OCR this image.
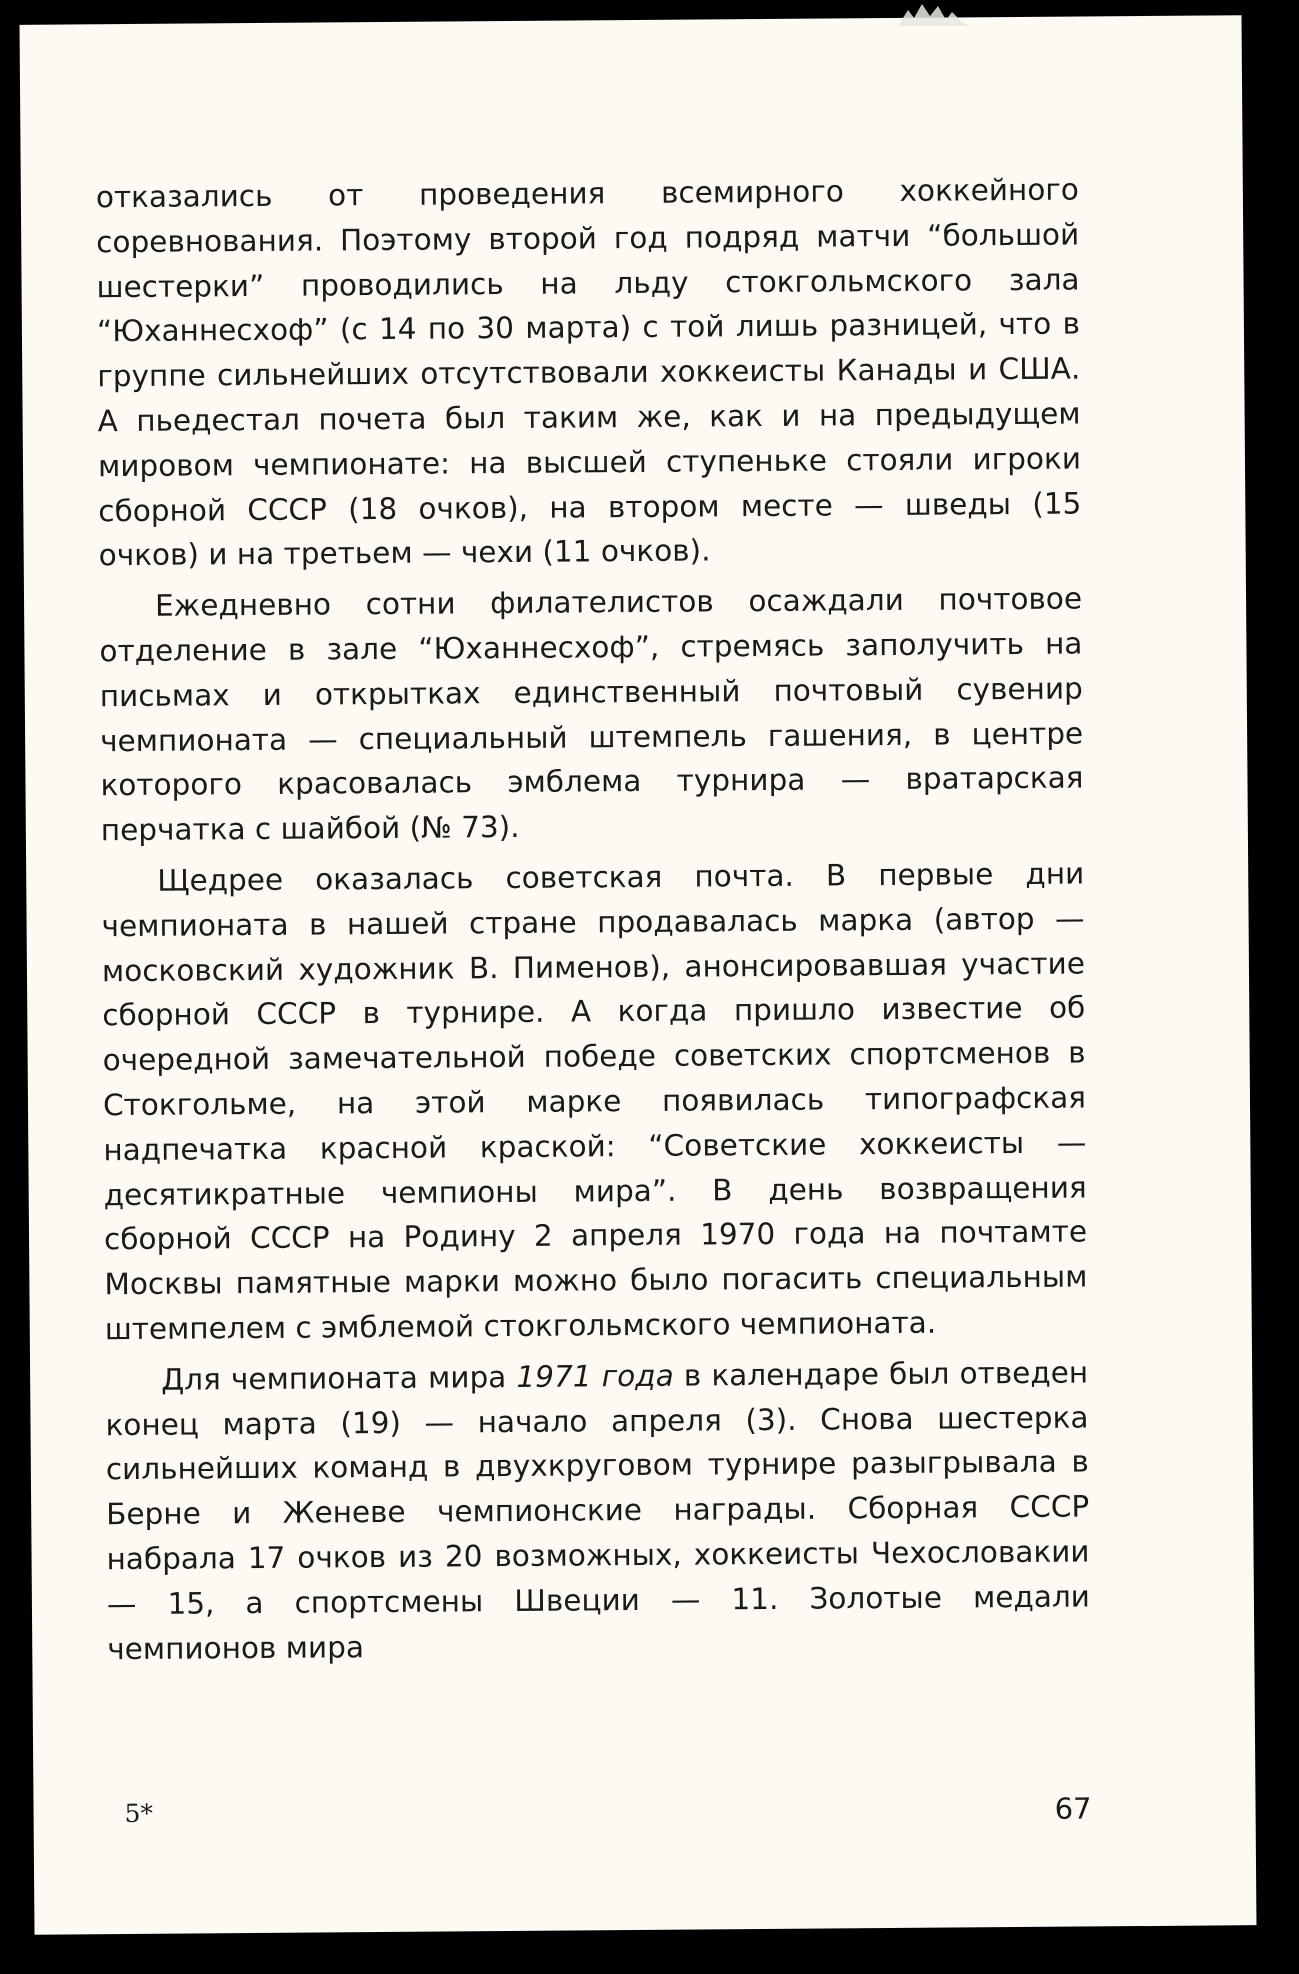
отказались от проведения всемирного хоккейного соревнования. Поэтому второй год подряд матчи “большой шестерки” проводились на льду стокгольмского зала “Юханнесхоф” (с 14 по 30 марта) с той лишь разницей, что в группе сильнейших отсутствовали хоккеисты Канады и США. А пьедестал почета был таким же, как и на предыдущем мировом чемпионате: на высшей ступеньке стояли игроки сборной СССР (18 очков), на втором месте — шведы (15 очков) и на третьем — чехи (11 очков).

Ежедневно сотни филателистов осаждали почтовое отделение в зале “Юханнесхоф”, стремясь заполучить на письмах и открытках единственный почтовый сувенир чемпионата — специальный штемпель гашения, в центре которого красовалась эмблема турнира — вратарская перчатка с шайбой (№ 73).

Щедрее оказалась советская почта. В первые дни чемпионата в нашей стране продавалась марка (автор — московский художник В. Пименов), анонсировавшая участие сборной СССР в турнире. А когда пришло известие об очередной замечательной победе советских спортсменов в Стокгольме, на этой марке появилась типографская надпечатка красной краской: “Советские хоккеисты — десятикратные чемпионы мира”. В день возвращения сборной СССР на Родину 2 апреля 1970 года на почтамте Москвы памятные марки можно было погасить специальным штемпелем с эмблемой стокгольмского чемпионата.

Для чемпионата мира 1971 года в календаре был отведен конец марта (19) — начало апреля (3). Снова шестерка сильнейших команд в двухкруговом турнире разыгрывала в Берне и Женеве чемпионские награды. Сборная СССР набрала 17 очков из 20 возможных, хоккеисты Чехословакии — 15, а спортсмены Швеции — 11. Золотые медали чемпионов мира

5*	67
